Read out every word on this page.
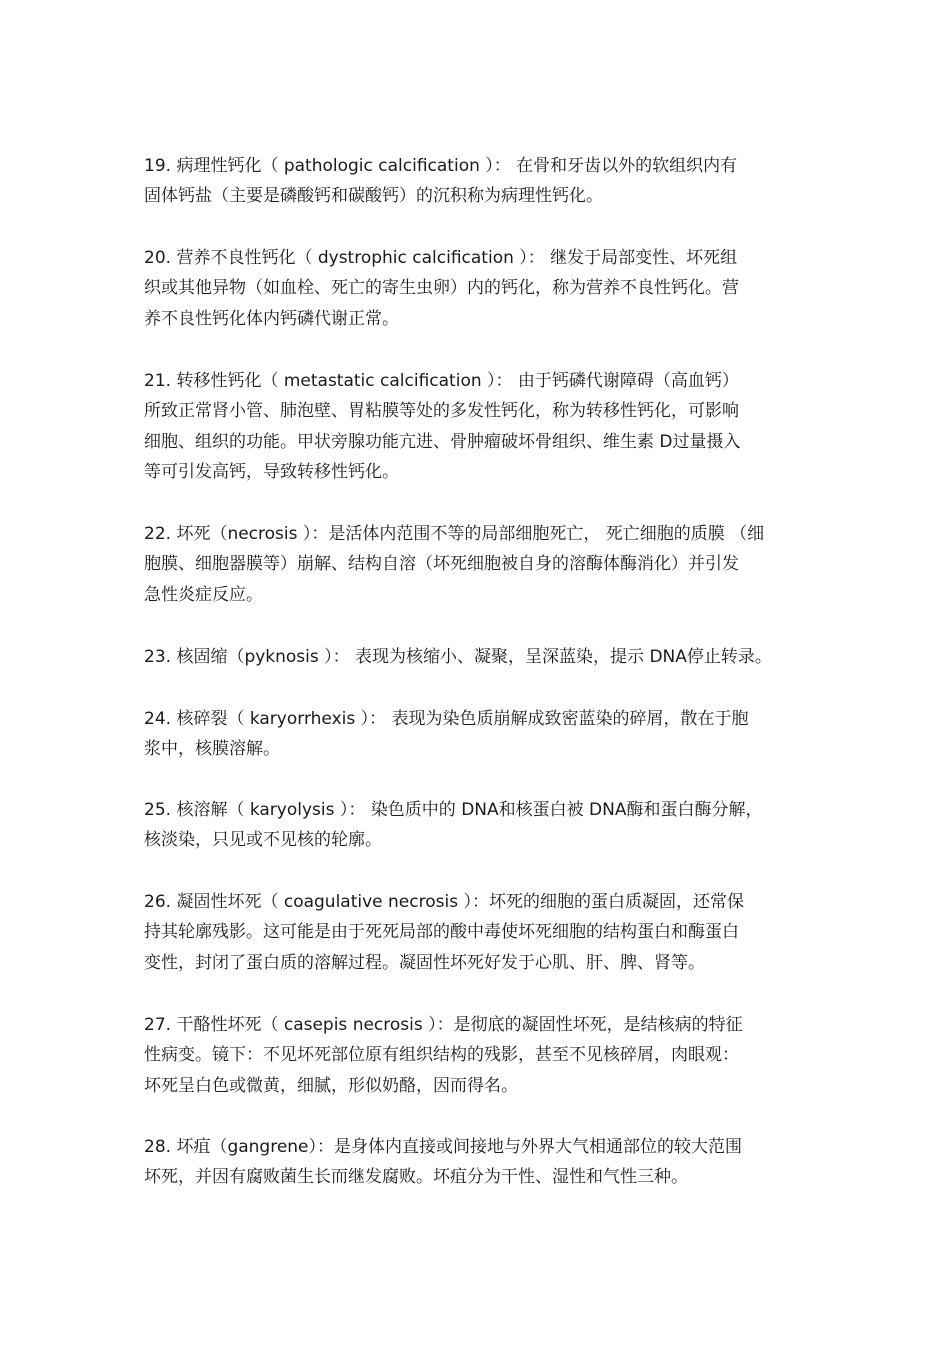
19. 病理性钙化（ pathologic calcification ）： 在骨和牙齿以外的软组织内有
固体钙盐（主要是磷酸钙和碳酸钙）的沉积称为病理性钙化。
20. 营养不良性钙化（ dystrophic calcification ）： 继发于局部变性、坏死组
织或其他异物（如血栓、死亡的寄生虫卵）内的钙化，称为营养不良性钙化。营
养不良性钙化体内钙磷代谢正常。
21. 转移性钙化（ metastatic calcification ）： 由于钙磷代谢障碍（高血钙）
所致正常肾小管、肺泡壁、胃粘膜等处的多发性钙化，称为转移性钙化，可影响
细胞、组织的功能。甲状旁腺功能亢进、骨肿瘤破坏骨组织、维生素 D过量摄入
等可引发高钙，导致转移性钙化。
22. 坏死（necrosis ）：是活体内范围不等的局部细胞死亡， 死亡细胞的质膜 （细
胞膜、细胞器膜等）崩解、结构自溶（坏死细胞被自身的溶酶体酶消化）并引发
急性炎症反应。
23. 核固缩（pyknosis ）： 表现为核缩小、凝聚，呈深蓝染，提示 DNA停止转录。
24. 核碎裂（ karyorrhexis ）： 表现为染色质崩解成致密蓝染的碎屑，散在于胞
浆中，核膜溶解。
25. 核溶解（ karyolysis ）： 染色质中的 DNA和核蛋白被 DNA酶和蛋白酶分解，
核淡染，只见或不见核的轮廓。
26. 凝固性坏死（ coagulative necrosis ）：坏死的细胞的蛋白质凝固，还常保
持其轮廓残影。这可能是由于死死局部的酸中毒使坏死细胞的结构蛋白和酶蛋白
变性，封闭了蛋白质的溶解过程。凝固性坏死好发于心肌、肝、脾、肾等。
27. 干酪性坏死（ casepis necrosis ）：是彻底的凝固性坏死，是结核病的特征
性病变。镜下：不见坏死部位原有组织结构的残影，甚至不见核碎屑，肉眼观：
坏死呈白色或微黄，细腻，形似奶酪，因而得名。
28. 坏疽（gangrene）：是身体内直接或间接地与外界大气相通部位的较大范围
坏死，并因有腐败菌生长而继发腐败。坏疽分为干性、湿性和气性三种。
